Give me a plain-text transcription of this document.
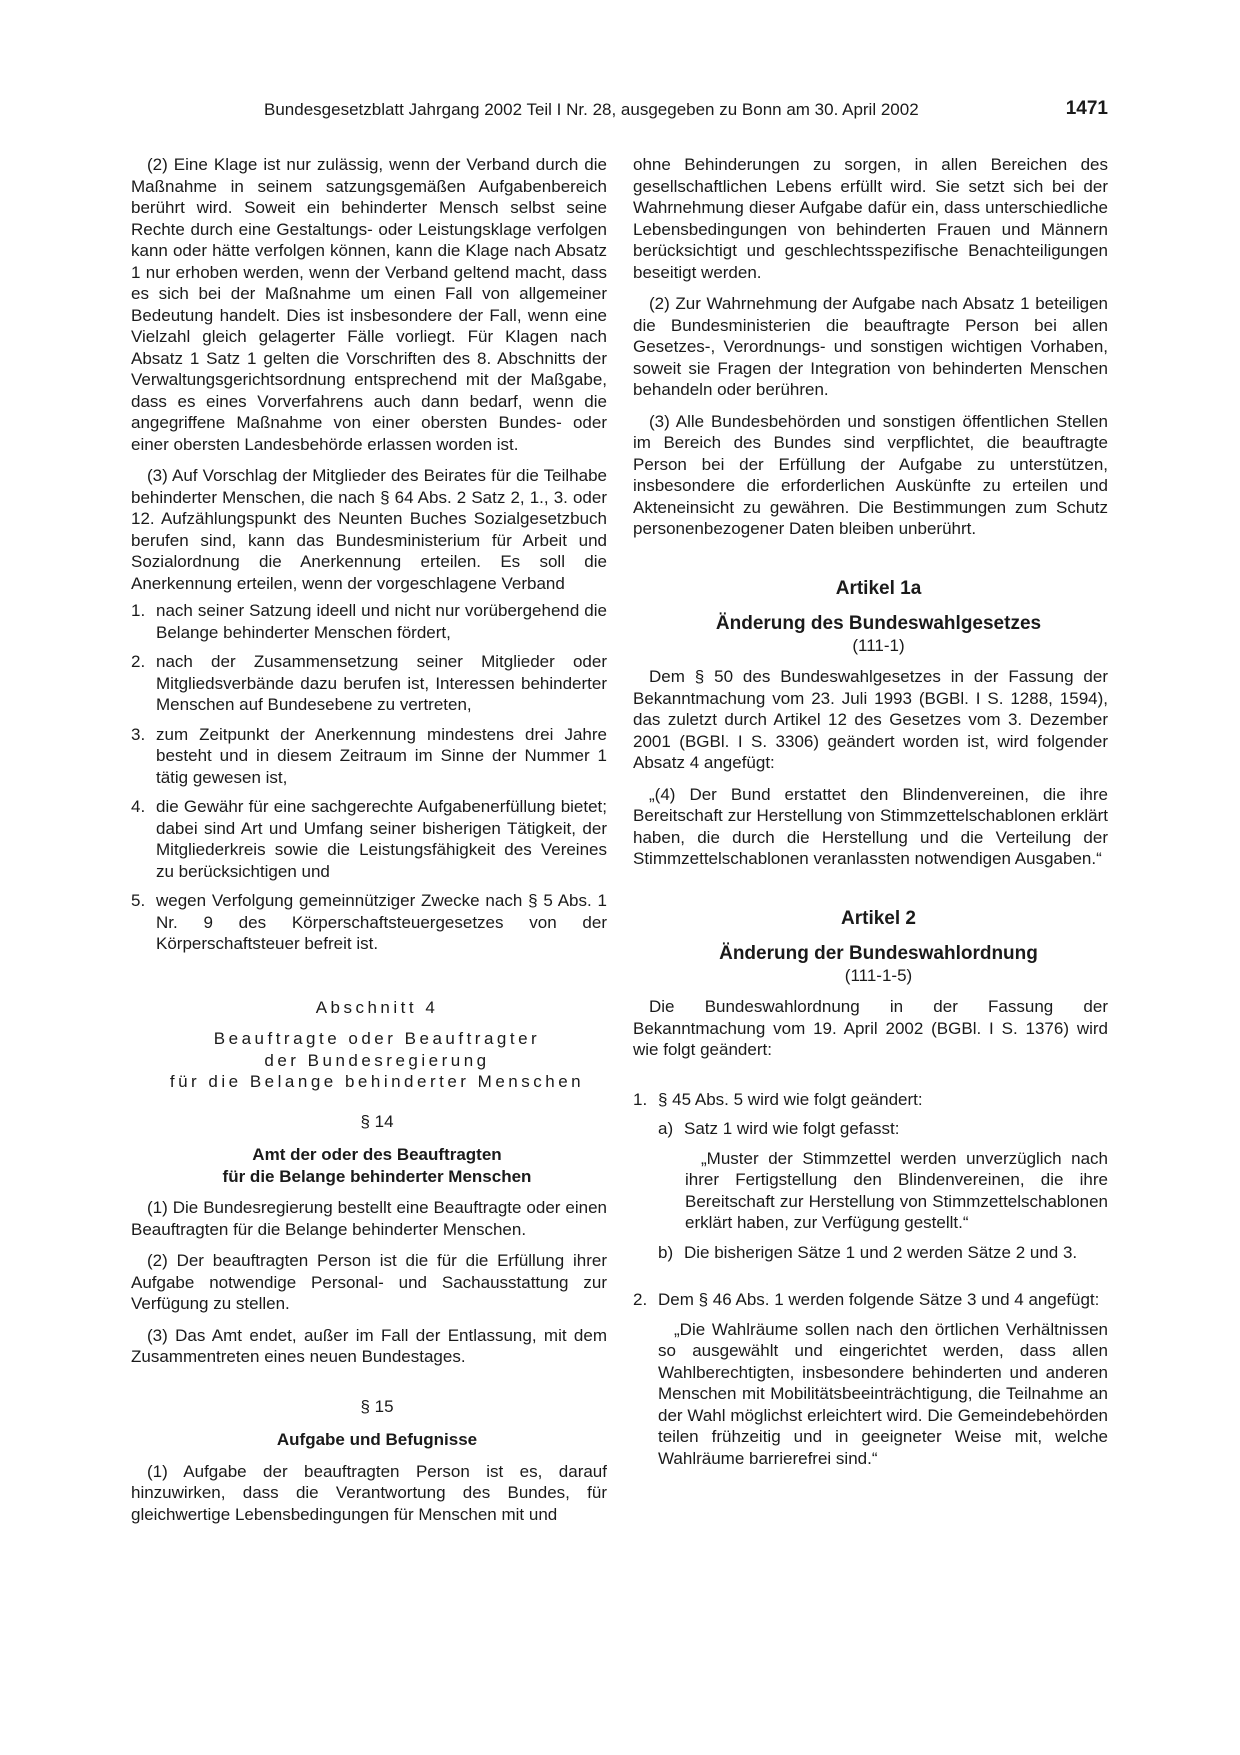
Bundesgesetzblatt Jahrgang 2002 Teil I Nr. 28, ausgegeben zu Bonn am 30. April 2002	1471

(2) Eine Klage ist nur zulässig, wenn der Verband durch die Maßnahme in seinem satzungsgemäßen Aufgabenbereich berührt wird. Soweit ein behinderter Mensch selbst seine Rechte durch eine Gestaltungs- oder Leistungsklage verfolgen kann oder hätte verfolgen können, kann die Klage nach Absatz 1 nur erhoben werden, wenn der Verband geltend macht, dass es sich bei der Maßnahme um einen Fall von allgemeiner Bedeutung handelt. Dies ist insbesondere der Fall, wenn eine Vielzahl gleich gelagerter Fälle vorliegt. Für Klagen nach Absatz 1 Satz 1 gelten die Vorschriften des 8. Abschnitts der Verwaltungsgerichtsordnung entsprechend mit der Maßgabe, dass es eines Vorverfahrens auch dann bedarf, wenn die angegriffene Maßnahme von einer obersten Bundes- oder einer obersten Landesbehörde erlassen worden ist.

(3) Auf Vorschlag der Mitglieder des Beirates für die Teilhabe behinderter Menschen, die nach § 64 Abs. 2 Satz 2, 1., 3. oder 12. Aufzählungspunkt des Neunten Buches Sozialgesetzbuch berufen sind, kann das Bundesministerium für Arbeit und Sozialordnung die Anerkennung erteilen. Es soll die Anerkennung erteilen, wenn der vorgeschlagene Verband

1. nach seiner Satzung ideell und nicht nur vorübergehend die Belange behinderter Menschen fördert,
2. nach der Zusammensetzung seiner Mitglieder oder Mitgliedsverbände dazu berufen ist, Interessen behinderter Menschen auf Bundesebene zu vertreten,
3. zum Zeitpunkt der Anerkennung mindestens drei Jahre besteht und in diesem Zeitraum im Sinne der Nummer 1 tätig gewesen ist,
4. die Gewähr für eine sachgerechte Aufgabenerfüllung bietet; dabei sind Art und Umfang seiner bisherigen Tätigkeit, der Mitgliederkreis sowie die Leistungsfähigkeit des Vereines zu berücksichtigen und
5. wegen Verfolgung gemeinnütziger Zwecke nach § 5 Abs. 1 Nr. 9 des Körperschaftsteuergesetzes von der Körperschaftsteuer befreit ist.

Abschnitt 4

Beauftragte oder Beauftragter

der Bundesregierung

für die Belange behinderter Menschen

§ 14

Amt der oder des Beauftragten

für die Belange behinderter Menschen

(1) Die Bundesregierung bestellt eine Beauftragte oder einen Beauftragten für die Belange behinderter Menschen.

(2) Der beauftragten Person ist die für die Erfüllung ihrer Aufgabe notwendige Personal- und Sachausstattung zur Verfügung zu stellen.

(3) Das Amt endet, außer im Fall der Entlassung, mit dem Zusammentreten eines neuen Bundestages.

§ 15

Aufgabe und Befugnisse

(1) Aufgabe der beauftragten Person ist es, darauf hinzuwirken, dass die Verantwortung des Bundes, für gleichwertige Lebensbedingungen für Menschen mit und

ohne Behinderungen zu sorgen, in allen Bereichen des gesellschaftlichen Lebens erfüllt wird. Sie setzt sich bei der Wahrnehmung dieser Aufgabe dafür ein, dass unterschiedliche Lebensbedingungen von behinderten Frauen und Männern berücksichtigt und geschlechtsspezifische Benachteiligungen beseitigt werden.

(2) Zur Wahrnehmung der Aufgabe nach Absatz 1 beteiligen die Bundesministerien die beauftragte Person bei allen Gesetzes-, Verordnungs- und sonstigen wichtigen Vorhaben, soweit sie Fragen der Integration von behinderten Menschen behandeln oder berühren.

(3) Alle Bundesbehörden und sonstigen öffentlichen Stellen im Bereich des Bundes sind verpflichtet, die beauftragte Person bei der Erfüllung der Aufgabe zu unterstützen, insbesondere die erforderlichen Auskünfte zu erteilen und Akteneinsicht zu gewähren. Die Bestimmungen zum Schutz personenbezogener Daten bleiben unberührt.

Artikel 1a

Änderung des Bundeswahlgesetzes

(111-1)

Dem § 50 des Bundeswahlgesetzes in der Fassung der Bekanntmachung vom 23. Juli 1993 (BGBl. I S. 1288, 1594), das zuletzt durch Artikel 12 des Gesetzes vom 3. Dezember 2001 (BGBl. I S. 3306) geändert worden ist, wird folgender Absatz 4 angefügt:

„(4) Der Bund erstattet den Blindenvereinen, die ihre Bereitschaft zur Herstellung von Stimmzettelschablonen erklärt haben, die durch die Herstellung und die Verteilung der Stimmzettelschablonen veranlassten notwendigen Ausgaben.“

Artikel 2

Änderung der Bundeswahlordnung

(111-1-5)

Die Bundeswahlordnung in der Fassung der Bekanntmachung vom 19. April 2002 (BGBl. I S. 1376) wird wie folgt geändert:

1. § 45 Abs. 5 wird wie folgt geändert:
a) Satz 1 wird wie folgt gefasst:

„Muster der Stimmzettel werden unverzüglich nach ihrer Fertigstellung den Blindenvereinen, die ihre Bereitschaft zur Herstellung von Stimmzettelschablonen erklärt haben, zur Verfügung gestellt.“

b) Die bisherigen Sätze 1 und 2 werden Sätze 2 und 3.
2. Dem § 46 Abs. 1 werden folgende Sätze 3 und 4 angefügt:

„Die Wahlräume sollen nach den örtlichen Verhältnissen so ausgewählt und eingerichtet werden, dass allen Wahlberechtigten, insbesondere behinderten und anderen Menschen mit Mobilitätsbeeinträchtigung, die Teilnahme an der Wahl möglichst erleichtert wird. Die Gemeindebehörden teilen frühzeitig und in geeigneter Weise mit, welche Wahlräume barrierefrei sind.“
